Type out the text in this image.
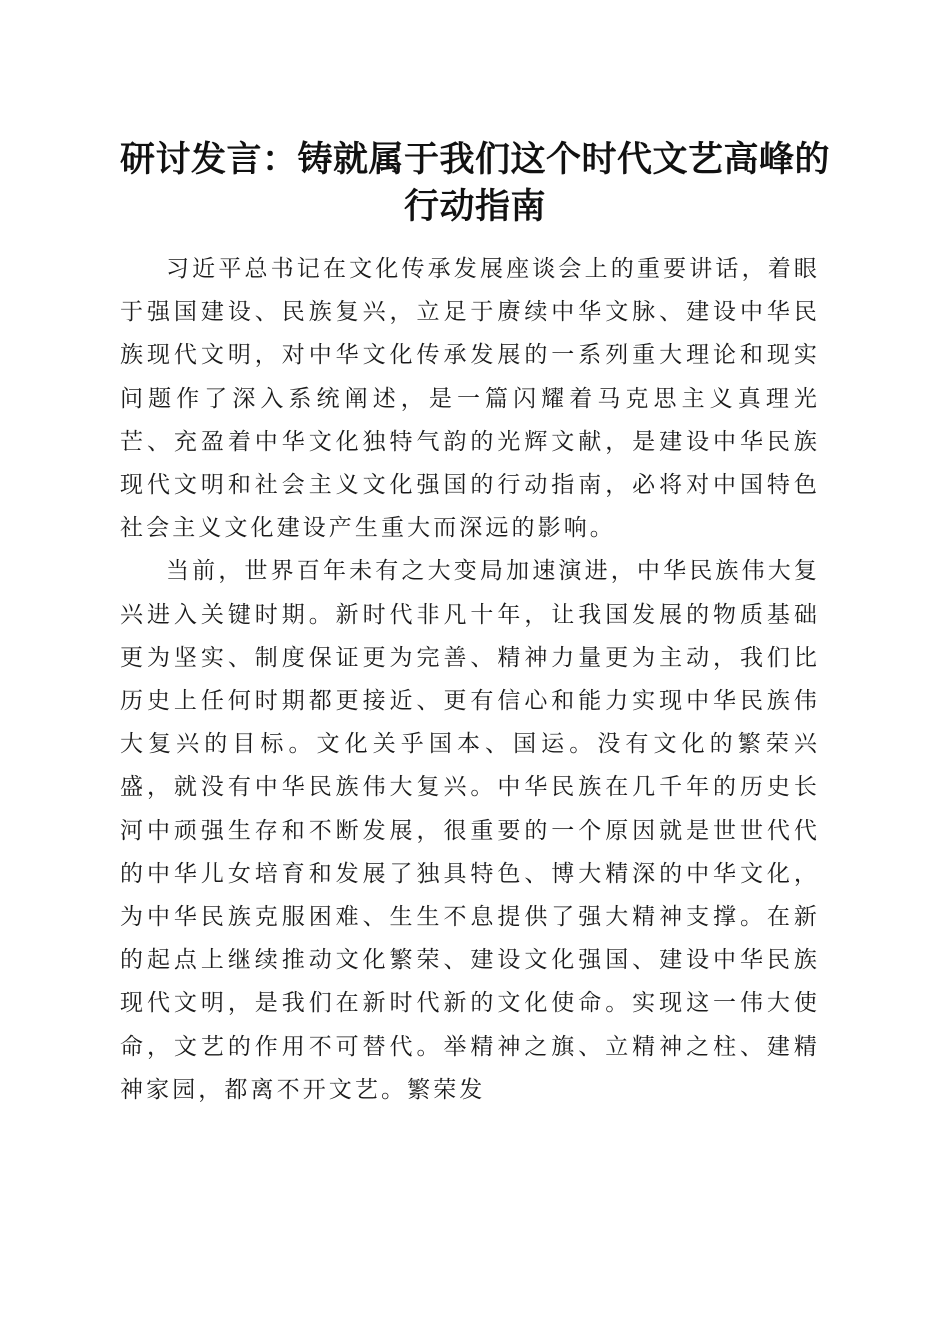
研讨发言：铸就属于我们这个时代文艺高峰的行动指南

习近平总书记在文化传承发展座谈会上的重要讲话，着眼于强国建设、民族复兴，立足于赓续中华文脉、建设中华民族现代文明，对中华文化传承发展的一系列重大理论和现实问题作了深入系统阐述，是一篇闪耀着马克思主义真理光芒、充盈着中华文化独特气韵的光辉文献，是建设中华民族现代文明和社会主义文化强国的行动指南，必将对中国特色社会主义文化建设产生重大而深远的影响。

当前，世界百年未有之大变局加速演进，中华民族伟大复兴进入关键时期。新时代非凡十年，让我国发展的物质基础更为坚实、制度保证更为完善、精神力量更为主动，我们比历史上任何时期都更接近、更有信心和能力实现中华民族伟大复兴的目标。文化关乎国本、国运。没有文化的繁荣兴盛，就没有中华民族伟大复兴。中华民族在几千年的历史长河中顽强生存和不断发展，很重要的一个原因就是世世代代的中华儿女培育和发展了独具特色、博大精深的中华文化，为中华民族克服困难、生生不息提供了强大精神支撑。在新的起点上继续推动文化繁荣、建设文化强国、建设中华民族现代文明，是我们在新时代新的文化使命。实现这一伟大使命，文艺的作用不可替代。举精神之旗、立精神之柱、建精神家园，都离不开文艺。繁荣发
